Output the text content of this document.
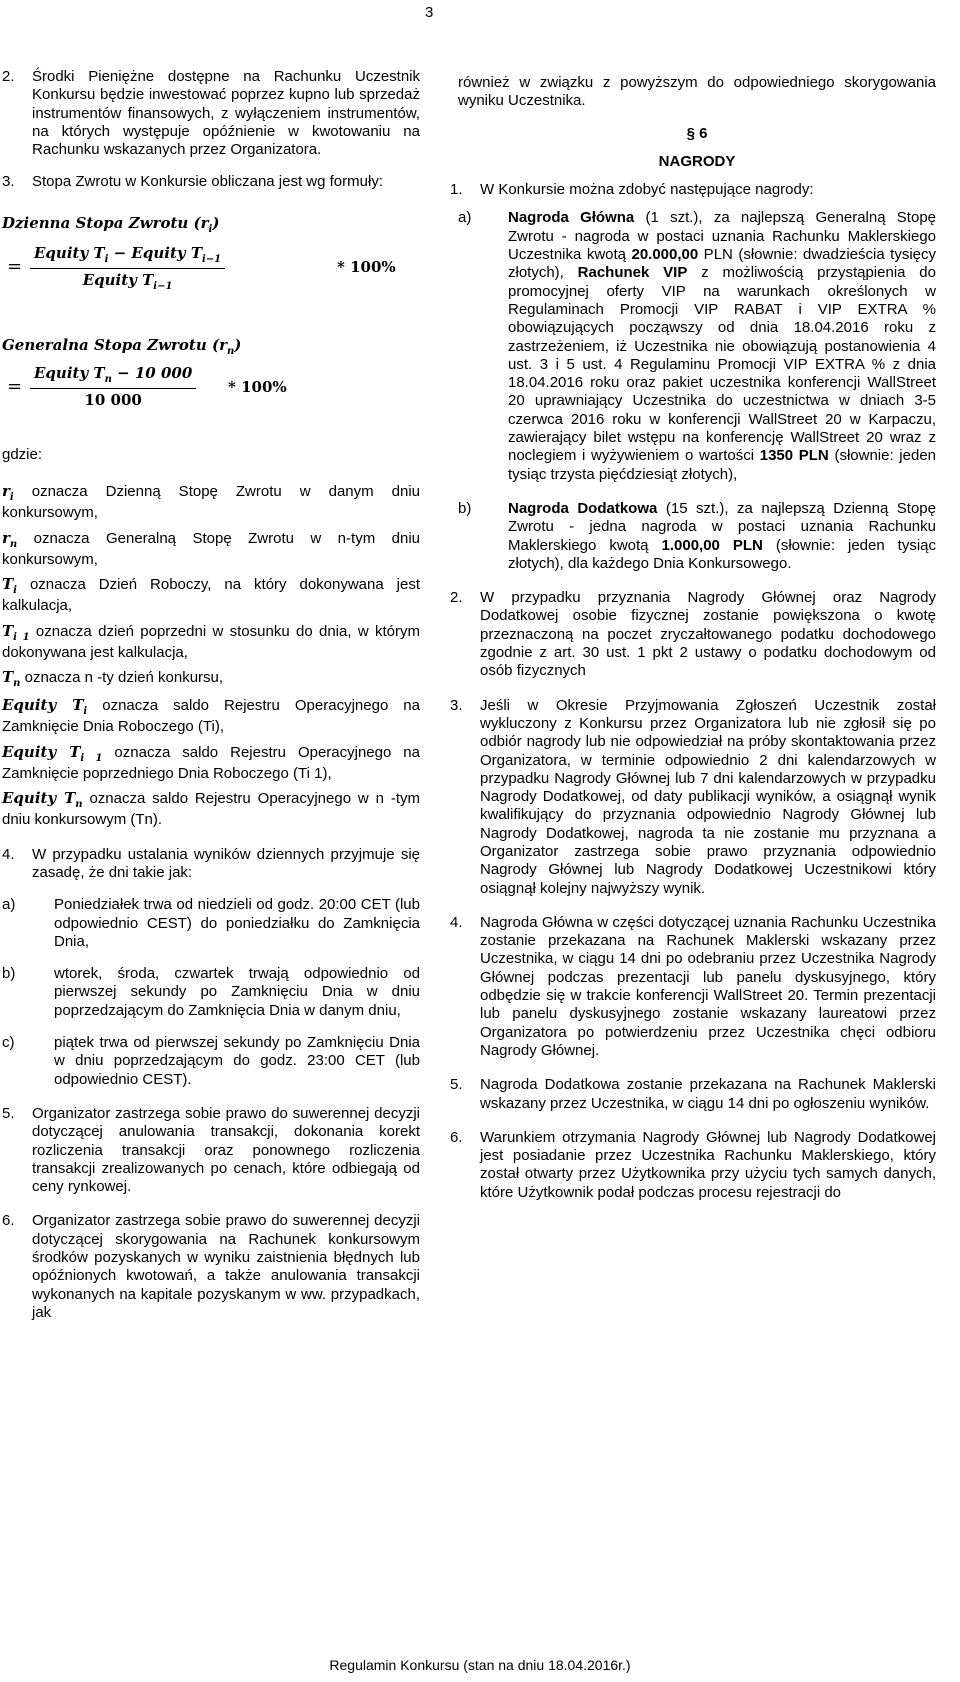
3
2. Środki Pieniężne dostępne na Rachunku Uczestnik Konkursu będzie inwestować poprzez kupno lub sprzedaż instrumentów finansowych, z wyłączeniem instrumentów, na których występuje opóźnienie w kwotowaniu na Rachunku wskazanych przez Organizatora.

3. Stopa Zwrotu w Konkursie obliczana jest wg formuły:

Dzienna Stopa Zwrotu $(r_i)$
=
Equity $T_i$ − Equity $T_{i-1}$
Equity $T_{i-1}$
* 100%
Generalna Stopa Zwrotu $(r_n)$
=
Equity $T_n - 10$ 000
10 000
* 100%

gdzie:

$r_i$ oznacza Dzienną Stopę Zwrotu w danym dniu konkursowym,

$r_n$ oznacza Generalną Stopę Zwrotu w n-tym dniu konkursowym,

$T_i$ oznacza Dzień Roboczy, na który dokonywana jest kalkulacja,

$T_{i 1}$ oznacza dzień poprzedni w stosunku do dnia, w którym dokonywana jest kalkulacja,

$T_n$ oznacza n -ty dzień konkursu,

Equity $T_i$ oznacza saldo Rejestru Operacyjnego na Zamknięcie Dnia Roboczego (Ti),

Equity $T_{i 1}$ oznacza saldo Rejestru Operacyjnego na Zamknięcie poprzedniego Dnia Roboczego (Ti 1),

Equity $T_n$ oznacza saldo Rejestru Operacyjnego w n -tym dniu konkursowym (Tn).

4. W przypadku ustalania wyników dziennych przyjmuje się zasadę, że dni takie jak:

a)	Poniedziałek trwa od niedzieli od godz. 20:00 CET (lub odpowiednio CEST) do poniedziałku do Zamknięcia Dnia,

b)	wtorek, środa, czwartek trwają odpowiednio od pierwszej sekundy po Zamknięciu Dnia w dniu poprzedzającym do Zamknięcia Dnia w danym dniu,

c)	piątek trwa od pierwszej sekundy po Zamknięciu Dnia w dniu poprzedzającym do godz. 23:00 CET (lub odpowiednio CEST).

5. Organizator zastrzega sobie prawo do suwerennej decyzji dotyczącej anulowania transakcji, dokonania korekt rozliczenia transakcji oraz ponownego rozliczenia transakcji zrealizowanych po cenach, które odbiegają od ceny rynkowej.

6. Organizator zastrzega sobie prawo do suwerennej decyzji dotyczącej skorygowania na Rachunek konkursowym środków pozyskanych w wyniku zaistnienia błędnych lub opóźnionych kwotowań, a także anulowania transakcji wykonanych na kapitale pozyskanym w ww. przypadkach, jak

również w związku z powyższym do odpowiedniego skorygowania wyniku Uczestnika.

§ 6

NAGRODY

1. W Konkursie można zdobyć następujące nagrody:

a) Nagroda Główna (1 szt.), za najlepszą Generalną Stopę Zwrotu - nagroda w postaci uznania Rachunku Maklerskiego Uczestnika kwotą 20.000,00 PLN (słownie: dwadzieścia tysięcy złotych), Rachunek VIP z możliwością przystąpienia do promocyjnej oferty VIP na warunkach określonych w Regulaminach Promocji VIP RABAT i VIP EXTRA % obowiązujących począwszy od dnia 18.04.2016 roku z zastrzeżeniem, iż Uczestnika nie obowiązują postanowienia 4 ust. 3 i 5 ust. 4 Regulaminu Promocji VIP EXTRA % z dnia 18.04.2016 roku oraz pakiet uczestnika konferencji WallStreet 20 uprawniający Uczestnika do uczestnictwa w dniach 3-5 czerwca 2016 roku w konferencji WallStreet 20 w Karpaczu, zawierający bilet wstępu na konferencję WallStreet 20 wraz z noclegiem i wyżywieniem o wartości 1350 PLN (słownie: jeden tysiąc trzysta pięćdziesiąt złotych),

b) Nagroda Dodatkowa (15 szt.), za najlepszą Dzienną Stopę Zwrotu - jedna nagroda w postaci uznania Rachunku Maklerskiego kwotą 1.000,00 PLN (słownie: jeden tysiąc złotych), dla każdego Dnia Konkursowego.

2. W przypadku przyznania Nagrody Głównej oraz Nagrody Dodatkowej osobie fizycznej zostanie powiększona o kwotę przeznaczoną na poczet zryczałtowanego podatku dochodowego zgodnie z art. 30 ust. 1 pkt 2 ustawy o podatku dochodowym od osób fizycznych

3. Jeśli w Okresie Przyjmowania Zgłoszeń Uczestnik został wykluczony z Konkursu przez Organizatora lub nie zgłosił się po odbiór nagrody lub nie odpowiedział na próby skontaktowania przez Organizatora, w terminie odpowiednio 2 dni kalendarzowych w przypadku Nagrody Głównej lub 7 dni kalendarzowych w przypadku Nagrody Dodatkowej, od daty publikacji wyników, a osiągnął wynik kwalifikujący do przyznania odpowiednio Nagrody Głównej lub Nagrody Dodatkowej, nagroda ta nie zostanie mu przyznana a Organizator zastrzega sobie prawo przyznania odpowiednio Nagrody Głównej lub Nagrody Dodatkowej Uczestnikowi który osiągnął kolejny najwyższy wynik.

4. Nagroda Główna w części dotyczącej uznania Rachunku Uczestnika zostanie przekazana na Rachunek Maklerski wskazany przez Uczestnika, w ciągu 14 dni po odebraniu przez Uczestnika Nagrody Głównej podczas prezentacji lub panelu dyskusyjnego, który odbędzie się w trakcie konferencji WallStreet 20. Termin prezentacji lub panelu dyskusyjnego zostanie wskazany laureatowi przez Organizatora po potwierdzeniu przez Uczestnika chęci odbioru Nagrody Głównej.

5. Nagroda Dodatkowa zostanie przekazana na Rachunek Maklerski wskazany przez Uczestnika, w ciągu 14 dni po ogłoszeniu wyników.

6. Warunkiem otrzymania Nagrody Głównej lub Nagrody Dodatkowej jest posiadanie przez Uczestnika Rachunku Maklerskiego, który został otwarty przez Użytkownika przy użyciu tych samych danych, które Użytkownik podał podczas procesu rejestracji do

Regulamin Konkursu (stan na dniu 18.04.2016r.)
